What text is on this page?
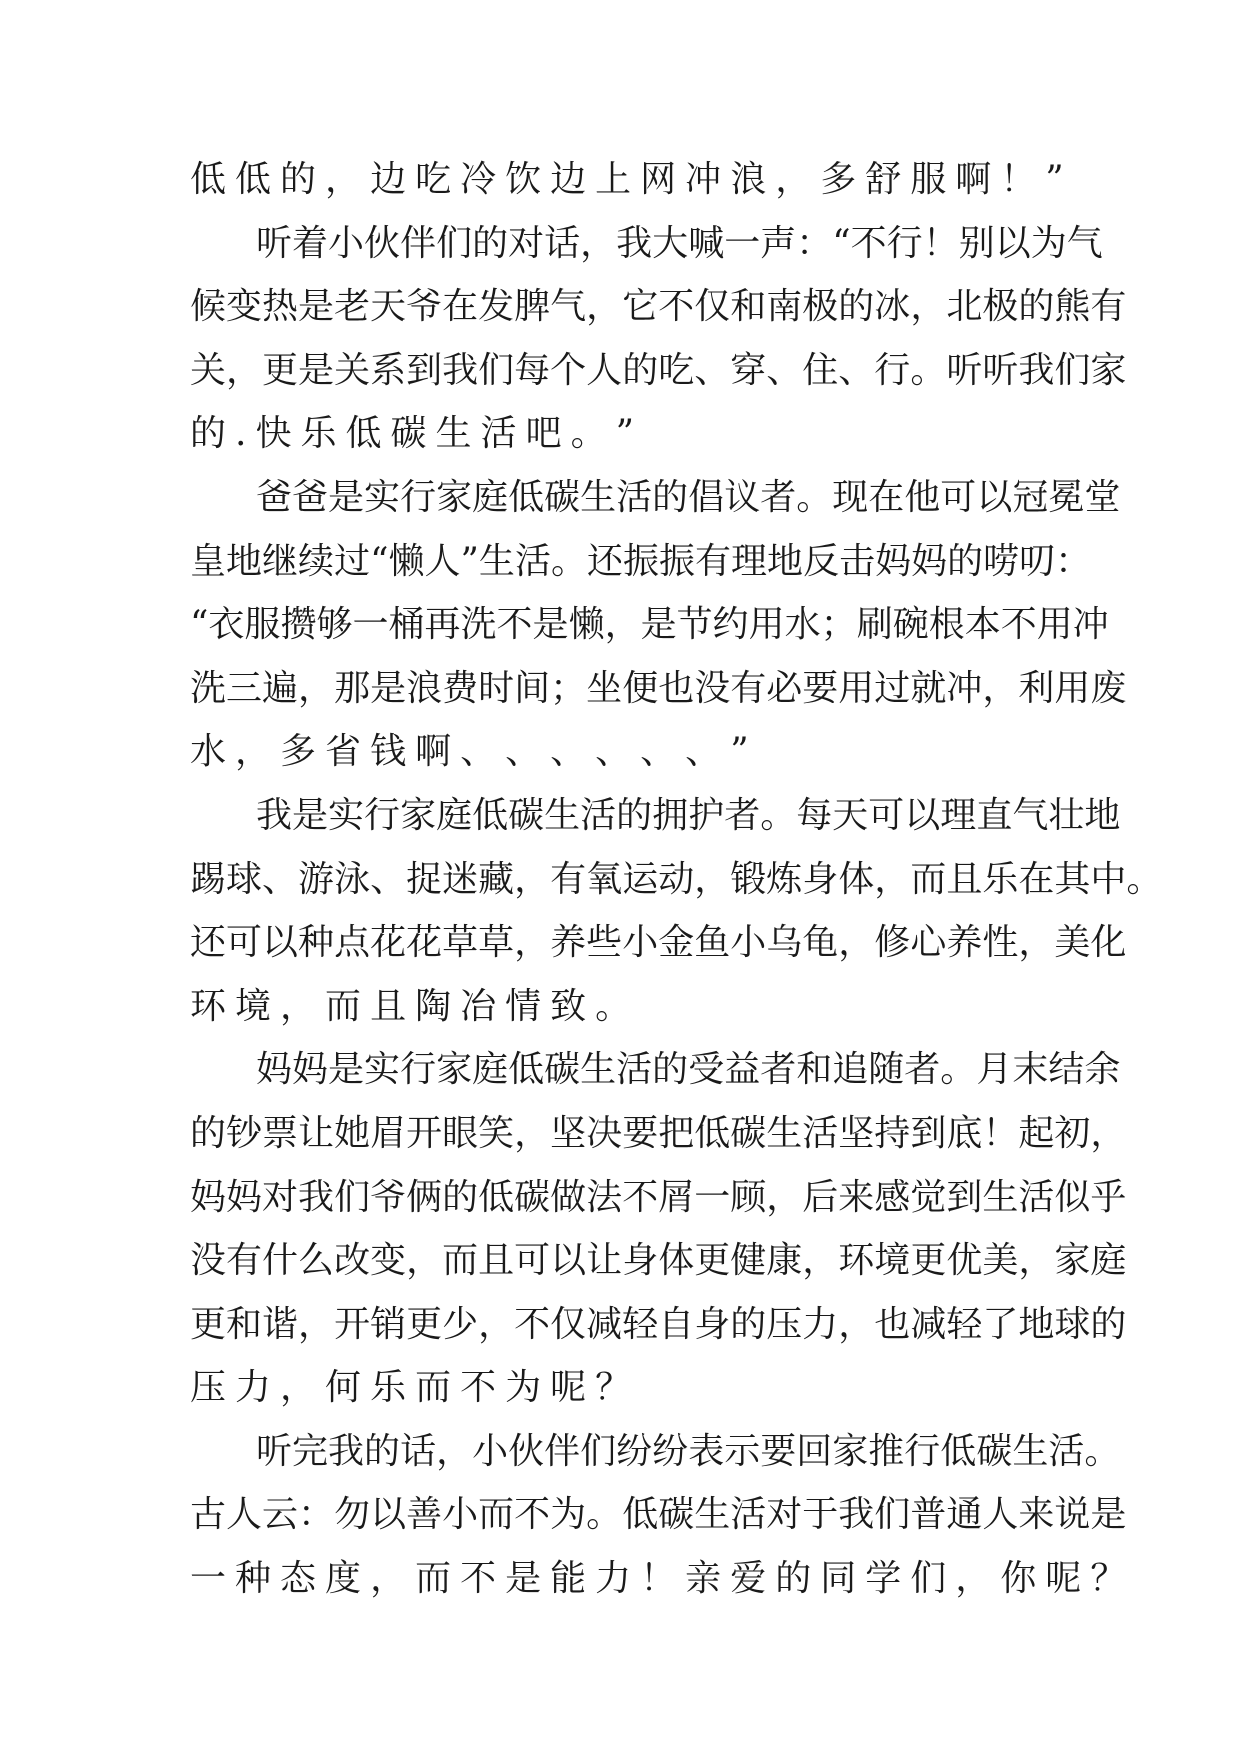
低 低 的 ， 边 吃 冷 饮 边 上 网 冲 浪 ， 多 舒 服 啊 ！ ”
听 着 小 伙 伴 们 的 对 话 ， 我 大 喊 一 声 ： “ 不 行 ！ 别 以 为 气
候 变 热 是 老 天 爷 在 发 脾 气 ， 它 不 仅 和 南 极 的 冰 ， 北 极 的 熊 有
关 ， 更 是 关 系 到 我 们 每 个 人 的 吃 、 穿 、 住 、 行 。 听 听 我 们 家
的 . 快 乐 低 碳 生 活 吧 。 ”
爸 爸 是 实 行 家 庭 低 碳 生 活 的 倡 议 者 。 现 在 他 可 以 冠 冕 堂
皇 地 继 续 过 “ 懒 人 ” 生 活 。 还 振 振 有 理 地 反 击 妈 妈 的 唠 叨 ：
“ 衣 服 攒 够 一 桶 再 洗 不 是 懒 ， 是 节 约 用 水 ； 刷 碗 根 本 不 用 冲
洗 三 遍 ， 那 是 浪 费 时 间 ； 坐 便 也 没 有 必 要 用 过 就 冲 ， 利 用 废
水 ， 多 省 钱 啊 、 、 、 、 、 、 ”
我 是 实 行 家 庭 低 碳 生 活 的 拥 护 者 。 每 天 可 以 理 直 气 壮 地
踢 球 、 游 泳 、 捉 迷 藏 ， 有 氧 运 动 ， 锻 炼 身 体 ， 而 且 乐 在 其 中 。
还 可 以 种 点 花 花 草 草 ， 养 些 小 金 鱼 小 乌 龟 ， 修 心 养 性 ， 美 化
环 境 ， 而 且 陶 冶 情 致 。
妈 妈 是 实 行 家 庭 低 碳 生 活 的 受 益 者 和 追 随 者 。 月 末 结 余
的 钞 票 让 她 眉 开 眼 笑 ， 坚 决 要 把 低 碳 生 活 坚 持 到 底 ！ 起 初 ，
妈 妈 对 我 们 爷 俩 的 低 碳 做 法 不 屑 一 顾 ， 后 来 感 觉 到 生 活 似 乎
没 有 什 么 改 变 ， 而 且 可 以 让 身 体 更 健 康 ， 环 境 更 优 美 ， 家 庭
更 和 谐 ， 开 销 更 少 ， 不 仅 减 轻 自 身 的 压 力 ， 也 减 轻 了 地 球 的
压 力 ， 何 乐 而 不 为 呢 ？
听 完 我 的 话 ， 小 伙 伴 们 纷 纷 表 示 要 回 家 推 行 低 碳 生 活 。
古 人 云 ： 勿 以 善 小 而 不 为 。 低 碳 生 活 对 于 我 们 普 通 人 来 说 是
一 种 态 度 ， 而 不 是 能 力 ！ 亲 爱 的 同 学 们 ， 你 呢 ？
